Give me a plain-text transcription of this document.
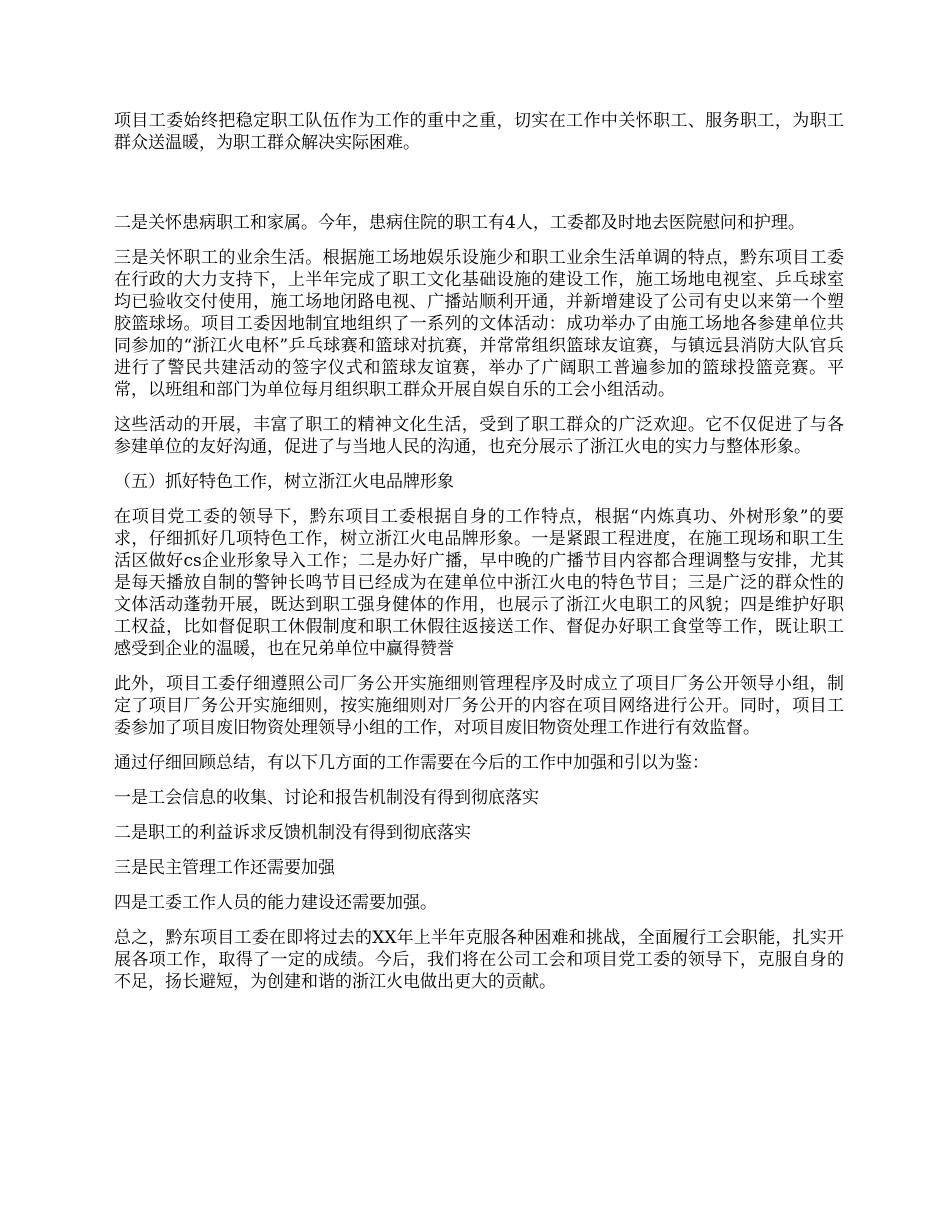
项目工委始终把稳定职工队伍作为工作的重中之重，切实在工作中关怀职工、服务职工，为职工群众送温暖，为职工群众解决实际困难。

二是关怀患病职工和家属。今年，患病住院的职工有4人，工委都及时地去医院慰问和护理。

三是关怀职工的业余生活。根据施工场地娱乐设施少和职工业余生活单调的特点，黔东项目工委在行政的大力支持下，上半年完成了职工文化基础设施的建设工作，施工场地电视室、乒乓球室均已验收交付使用，施工场地闭路电视、广播站顺利开通，并新增建设了公司有史以来第一个塑胶篮球场。项目工委因地制宜地组织了一系列的文体活动：成功举办了由施工场地各参建单位共同参加的“浙江火电杯”乒乓球赛和篮球对抗赛，并常常组织篮球友谊赛，与镇远县消防大队官兵进行了警民共建活动的签字仪式和篮球友谊赛，举办了广阔职工普遍参加的篮球投篮竞赛。平常，以班组和部门为单位每月组织职工群众开展自娱自乐的工会小组活动。

这些活动的开展，丰富了职工的精神文化生活，受到了职工群众的广泛欢迎。它不仅促进了与各参建单位的友好沟通，促进了与当地人民的沟通，也充分展示了浙江火电的实力与整体形象。

（五）抓好特色工作，树立浙江火电品牌形象

在项目党工委的领导下，黔东项目工委根据自身的工作特点，根据“内炼真功、外树形象”的要求，仔细抓好几项特色工作，树立浙江火电品牌形象。一是紧跟工程进度，在施工现场和职工生活区做好cs企业形象导入工作；二是办好广播，早中晚的广播节目内容都合理调整与安排，尤其是每天播放自制的警钟长鸣节目已经成为在建单位中浙江火电的特色节目；三是广泛的群众性的文体活动蓬勃开展，既达到职工强身健体的作用，也展示了浙江火电职工的风貌；四是维护好职工权益，比如督促职工休假制度和职工休假往返接送工作、督促办好职工食堂等工作，既让职工感受到企业的温暖，也在兄弟单位中赢得赞誉

此外，项目工委仔细遵照公司厂务公开实施细则管理程序及时成立了项目厂务公开领导小组，制定了项目厂务公开实施细则，按实施细则对厂务公开的内容在项目网络进行公开。同时，项目工委参加了项目废旧物资处理领导小组的工作，对项目废旧物资处理工作进行有效监督。

通过仔细回顾总结，有以下几方面的工作需要在今后的工作中加强和引以为鉴：

一是工会信息的收集、讨论和报告机制没有得到彻底落实

二是职工的利益诉求反馈机制没有得到彻底落实

三是民主管理工作还需要加强

四是工委工作人员的能力建设还需要加强。

总之，黔东项目工委在即将过去的XX年上半年克服各种困难和挑战，全面履行工会职能，扎实开展各项工作，取得了一定的成绩。今后，我们将在公司工会和项目党工委的领导下，克服自身的不足，扬长避短，为创建和谐的浙江火电做出更大的贡献。
